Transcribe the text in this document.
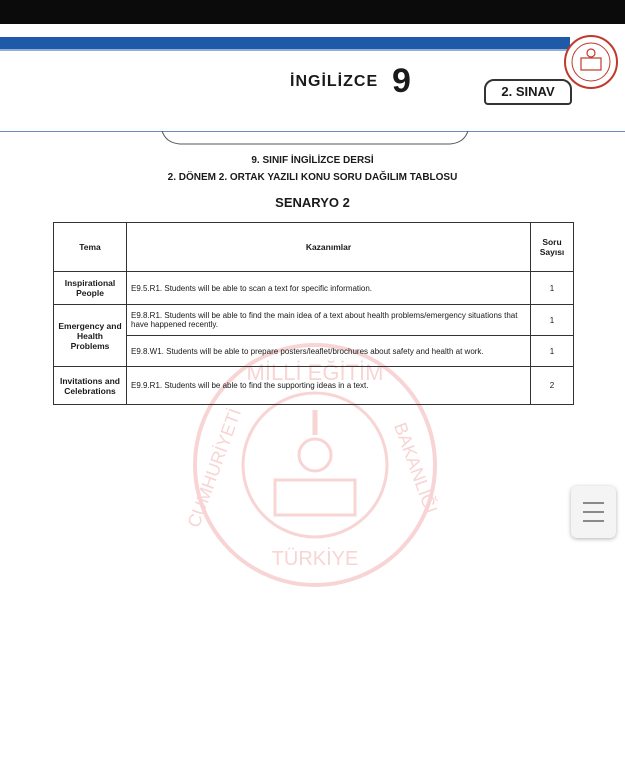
İNGİLİZCE 9	2. SINAV
9. SINIF İNGİLİZCE DERSİ
2. DÖNEM 2. ORTAK YAZILI KONU SORU DAĞILIM TABLOSU
SENARYO 2
MİLLİ EĞİTİM
CUMHURİYETİ	BAKANLIĞI
TÜRKİYE
Tema	Kazanımlar	Soru Sayısı
Inspirational People	E9.5.R1. Students will be able to scan a text for specific information.	1
Emergency and Health Problems	E9.8.R1. Students will be able to find the main idea of a text about health problems/emergency situations that have happened recently.	1
	E9.8.W1. Students will be able to prepare posters/leaflet/brochures about safety and health at work.	1
Invitations and Celebrations	E9.9.R1. Students will be able to find the supporting ideas in a text.	2
